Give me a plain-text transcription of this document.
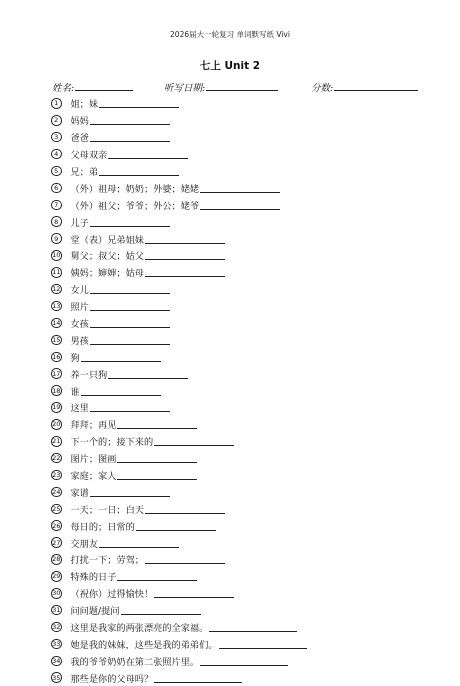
2026届大一轮复习 单词默写纸 Vivi
七上 Unit 2
姓名:	听写日期:	分数:
1	姐；妹
2	妈妈
3	爸爸
4	父母双亲
5	兄；弟
6	（外）祖母；奶奶；外婆；姥姥
7	（外）祖父；爷爷；外公；姥爷
8	儿子
9	堂（表）兄弟姐妹
10 舅父；叔父；姑父
11 姨妈；婶婶；姑母
12 女儿
13 照片
14 女孩
15 男孩
16 狗
17 养一只狗
18 谁
19 这里
20 拜拜；再见
21 下一个的；接下来的
22 图片；图画
23 家庭；家人
24 家谱
25 一天；一日；白天
26 每日的；日常的
27 交朋友
28 打扰一下；劳驾；
29 特殊的日子
30 （祝你）过得愉快！
31 问问题/提问
32 这里是我家的两张漂亮的全家福。
33 她是我的妹妹，这些是我的弟弟们。
34 我的爷爷奶奶在第二张照片里。
35 那些是你的父母吗？
